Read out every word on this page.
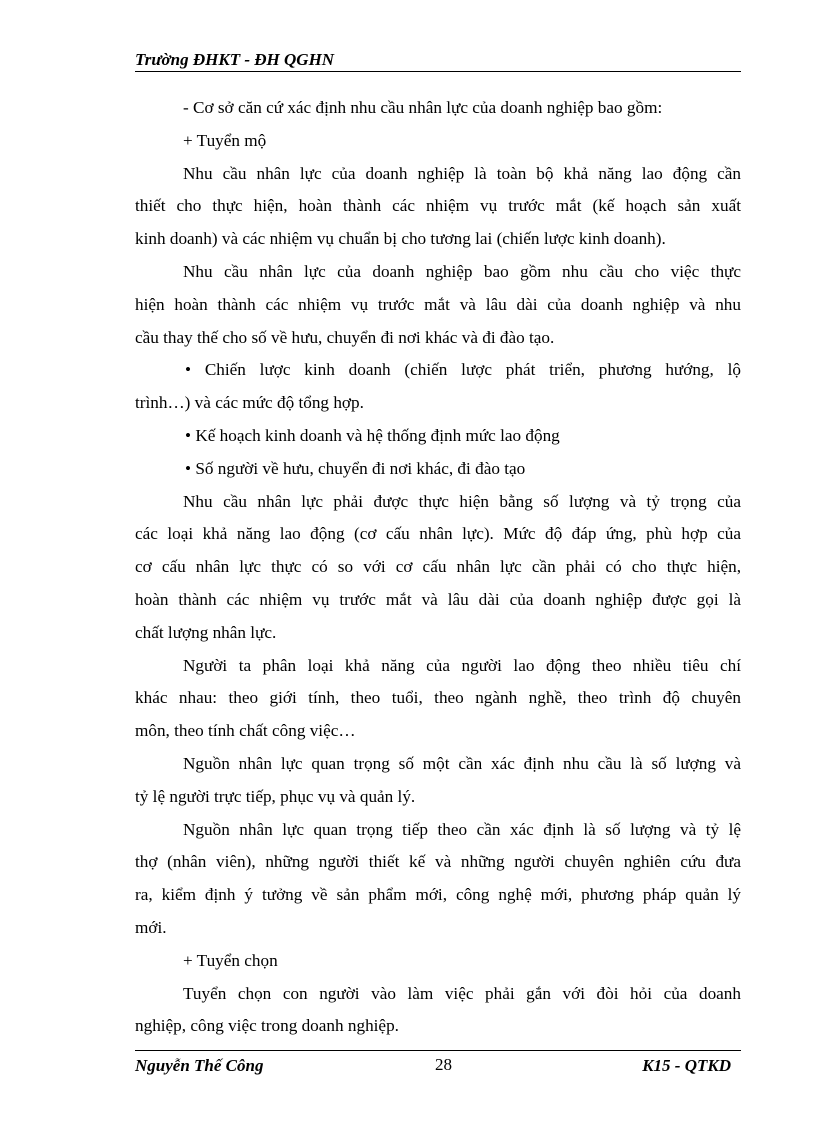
Trường ĐHKT - ĐH QGHN
- Cơ sở căn cứ xác định nhu cầu nhân lực của doanh nghiệp bao gồm:
+ Tuyển mộ
Nhu cầu nhân lực của doanh nghiệp là toàn bộ khả năng lao động cần
thiết cho thực hiện, hoàn thành các nhiệm vụ trước mắt (kế hoạch sản xuất
kinh doanh) và các nhiệm vụ chuẩn bị cho tương lai (chiến lược kinh doanh).
Nhu cầu nhân lực của doanh nghiệp bao gồm nhu cầu cho việc thực
hiện hoàn thành các nhiệm vụ trước mắt và lâu dài của doanh nghiệp và nhu
cầu thay thế cho số về hưu, chuyển đi nơi khác và đi đào tạo.
• Chiến lược kinh doanh (chiến lược phát triển, phương hướng, lộ
trình…) và các mức độ tổng hợp.
• Kế hoạch kinh doanh và hệ thống định mức lao động
• Số người về hưu, chuyển đi nơi khác, đi đào tạo
Nhu cầu nhân lực phải được thực hiện bằng số lượng và tỷ trọng của
các loại khả năng lao động (cơ cấu nhân lực). Mức độ đáp ứng, phù hợp của
cơ cấu nhân lực thực có so với cơ cấu nhân lực cần phải có cho thực hiện,
hoàn thành các nhiệm vụ trước mắt và lâu dài của doanh nghiệp được gọi là
chất lượng nhân lực.
Người ta phân loại khả năng của người lao động theo nhiều tiêu chí
khác nhau: theo giới tính, theo tuổi, theo ngành nghề, theo trình độ chuyên
môn, theo tính chất công việc…
Nguồn nhân lực quan trọng số một cần xác định nhu cầu là số lượng và
tỷ lệ người trực tiếp, phục vụ và quản lý.
Nguồn nhân lực quan trọng tiếp theo cần xác định là số lượng và tỷ lệ
thợ (nhân viên), những người thiết kế và những người chuyên nghiên cứu đưa
ra, kiểm định ý tưởng về sản phẩm mới, công nghệ mới, phương pháp quản lý
mới.
+ Tuyển chọn
Tuyển chọn con người vào làm việc phải gắn với đòi hỏi của doanh
nghiệp, công việc trong doanh nghiệp.
Nguyễn Thế Công	28	K15 - QTKD
